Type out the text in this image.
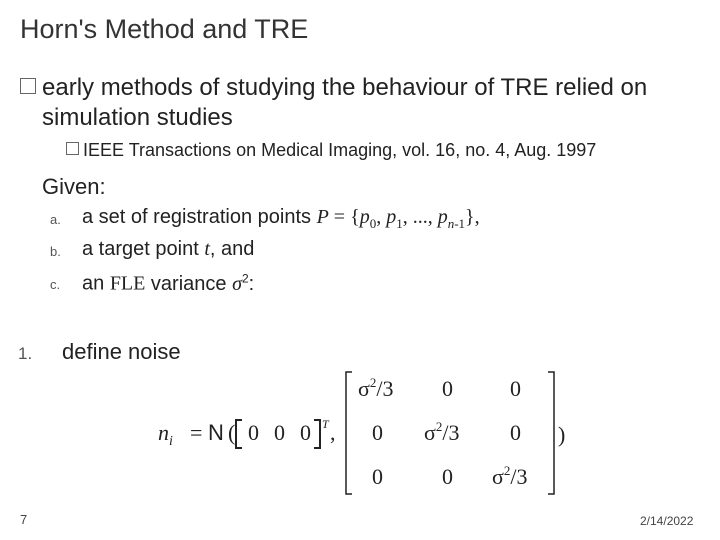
Horn's Method and TRE
early methods of studying the behaviour of TRE relied on
simulation studies
IEEE Transactions on Medical Imaging, vol. 16, no. 4, Aug. 1997
Given:
a. a set of registration points $P = \{p_0$, $p_1$, ..., $p_{n-1}$},
b. a target point t, and
c. an FLE variance $\sigma^2$:
1. define noise
$n_i = N$ ( 0 0 0 T ,
$\sigma^2/3$ 0	0
0 $\sigma^2/3$ 0
0	0 $\sigma^2/3$
)
7	2/14/2022
